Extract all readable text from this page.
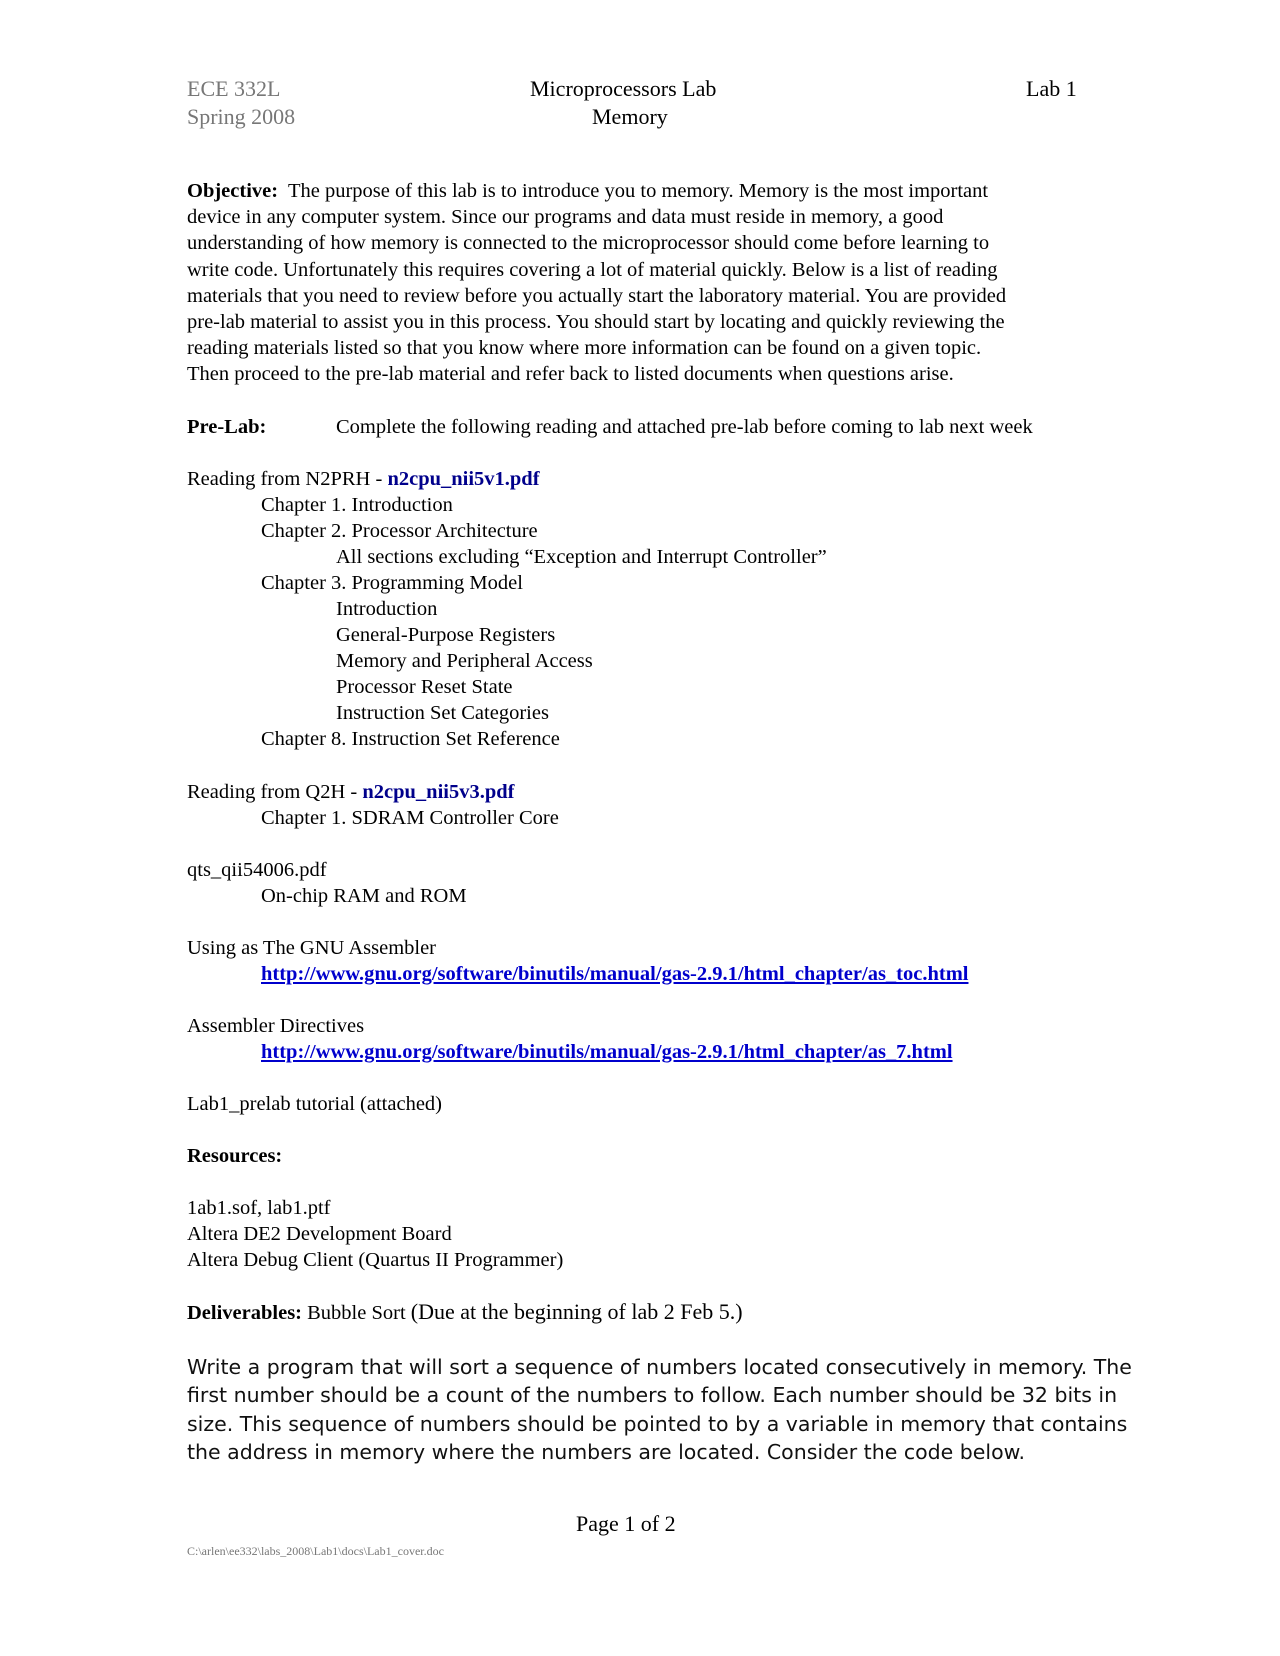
ECE 332L
Spring 2008
Microprocessors Lab
Memory
Lab 1

Objective: The purpose of this lab is to introduce you to memory. Memory is the most important

device in any computer system. Since our programs and data must reside in memory, a good

understanding of how memory is connected to the microprocessor should come before learning to

write code. Unfortunately this requires covering a lot of material quickly. Below is a list of reading

materials that you need to review before you actually start the laboratory material. You are provided

pre-lab material to assist you in this process. You should start by locating and quickly reviewing the

reading materials listed so that you know where more information can be found on a given topic.

Then proceed to the pre-lab material and refer back to listed documents when questions arise.

Pre-Lab:	Complete the following reading and attached pre-lab before coming to lab next week
Reading from N2PRH - n2cpu_nii5v1.pdf
Chapter 1. Introduction
Chapter 2. Processor Architecture
All sections excluding “Exception and Interrupt Controller”
Chapter 3. Programming Model
Introduction
General-Purpose Registers
Memory and Peripheral Access
Processor Reset State
Instruction Set Categories
Chapter 8. Instruction Set Reference
Reading from Q2H - n2cpu_nii5v3.pdf
Chapter 1. SDRAM Controller Core
qts_qii54006.pdf
On-chip RAM and ROM
Using as The GNU Assembler
http://www.gnu.org/software/binutils/manual/gas-2.9.1/html_chapter/as_toc.html
Assembler Directives
http://www.gnu.org/software/binutils/manual/gas-2.9.1/html_chapter/as_7.html
Lab1_prelab tutorial (attached)
Resources:
1ab1.sof, lab1.ptf
Altera DE2 Development Board
Altera Debug Client (Quartus II Programmer)
Deliverables: Bubble Sort (Due at the beginning of lab 2 Feb 5.)
Write a program that will sort a sequence of numbers located consecutively in memory. The
first number should be a count of the numbers to follow. Each number should be 32 bits in
size. This sequence of numbers should be pointed to by a variable in memory that contains
the address in memory where the numbers are located. Consider the code below.
Page 1 of 2
C:\arlen\ee332\labs_2008\Lab1\docs\Lab1_cover.doc
